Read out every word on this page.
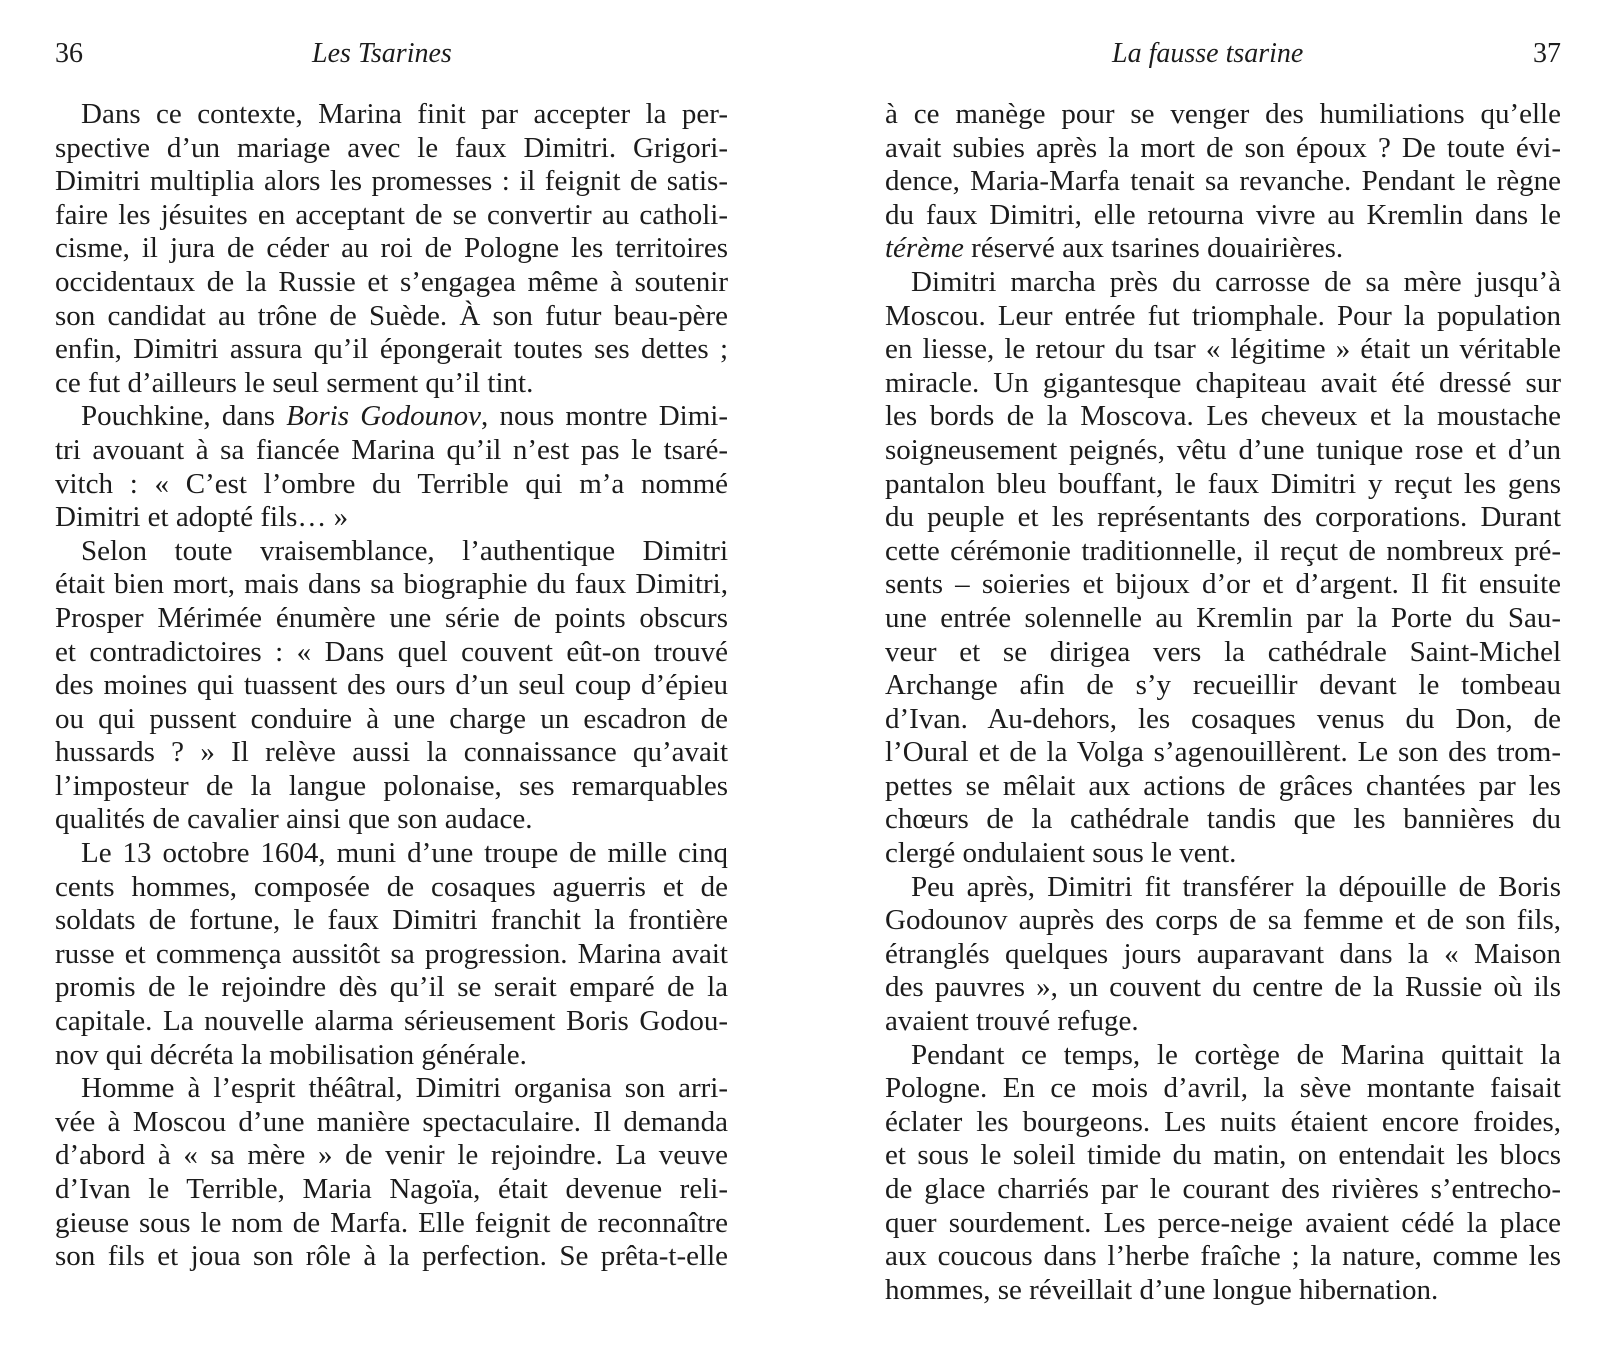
36	Les Tsarines
Dans ce contexte, Marina finit par accepter la per-
spective d’un mariage avec le faux Dimitri. Grigori-
Dimitri multiplia alors les promesses : il feignit de satis-
faire les jésuites en acceptant de se convertir au catholi-
cisme, il jura de céder au roi de Pologne les territoires
occidentaux de la Russie et s’engagea même à soutenir
son candidat au trône de Suède. À son futur beau-père
enfin, Dimitri assura qu’il épongerait toutes ses dettes ;
ce fut d’ailleurs le seul serment qu’il tint.
Pouchkine, dans Boris Godounov, nous montre Dimi-
tri avouant à sa fiancée Marina qu’il n’est pas le tsaré-
vitch : « C’est l’ombre du Terrible qui m’a nommé
Dimitri et adopté fils… »
Selon toute vraisemblance, l’authentique Dimitri
était bien mort, mais dans sa biographie du faux Dimitri,
Prosper Mérimée énumère une série de points obscurs
et contradictoires : « Dans quel couvent eût-on trouvé
des moines qui tuassent des ours d’un seul coup d’épieu
ou qui pussent conduire à une charge un escadron de
hussards ? » Il relève aussi la connaissance qu’avait
l’imposteur de la langue polonaise, ses remarquables
qualités de cavalier ainsi que son audace.
Le 13 octobre 1604, muni d’une troupe de mille cinq
cents hommes, composée de cosaques aguerris et de
soldats de fortune, le faux Dimitri franchit la frontière
russe et commença aussitôt sa progression. Marina avait
promis de le rejoindre dès qu’il se serait emparé de la
capitale. La nouvelle alarma sérieusement Boris Godou-
nov qui décréta la mobilisation générale.
Homme à l’esprit théâtral, Dimitri organisa son arri-
vée à Moscou d’une manière spectaculaire. Il demanda
d’abord à « sa mère » de venir le rejoindre. La veuve
d’Ivan le Terrible, Maria Nagoïa, était devenue reli-
gieuse sous le nom de Marfa. Elle feignit de reconnaître
son fils et joua son rôle à la perfection. Se prêta-t-elle
La fausse tsarine	37
à ce manège pour se venger des humiliations qu’elle
avait subies après la mort de son époux ? De toute évi-
dence, Maria-Marfa tenait sa revanche. Pendant le règne
du faux Dimitri, elle retourna vivre au Kremlin dans le
térème réservé aux tsarines douairières.
Dimitri marcha près du carrosse de sa mère jusqu’à
Moscou. Leur entrée fut triomphale. Pour la population
en liesse, le retour du tsar « légitime » était un véritable
miracle. Un gigantesque chapiteau avait été dressé sur
les bords de la Moscova. Les cheveux et la moustache
soigneusement peignés, vêtu d’une tunique rose et d’un
pantalon bleu bouffant, le faux Dimitri y reçut les gens
du peuple et les représentants des corporations. Durant
cette cérémonie traditionnelle, il reçut de nombreux pré-
sents – soieries et bijoux d’or et d’argent. Il fit ensuite
une entrée solennelle au Kremlin par la Porte du Sau-
veur et se dirigea vers la cathédrale Saint-Michel
Archange afin de s’y recueillir devant le tombeau
d’Ivan. Au-dehors, les cosaques venus du Don, de
l’Oural et de la Volga s’agenouillèrent. Le son des trom-
pettes se mêlait aux actions de grâces chantées par les
chœurs de la cathédrale tandis que les bannières du
clergé ondulaient sous le vent.
Peu après, Dimitri fit transférer la dépouille de Boris
Godounov auprès des corps de sa femme et de son fils,
étranglés quelques jours auparavant dans la « Maison
des pauvres », un couvent du centre de la Russie où ils
avaient trouvé refuge.
Pendant ce temps, le cortège de Marina quittait la
Pologne. En ce mois d’avril, la sève montante faisait
éclater les bourgeons. Les nuits étaient encore froides,
et sous le soleil timide du matin, on entendait les blocs
de glace charriés par le courant des rivières s’entrecho-
quer sourdement. Les perce-neige avaient cédé la place
aux coucous dans l’herbe fraîche ; la nature, comme les
hommes, se réveillait d’une longue hibernation.
